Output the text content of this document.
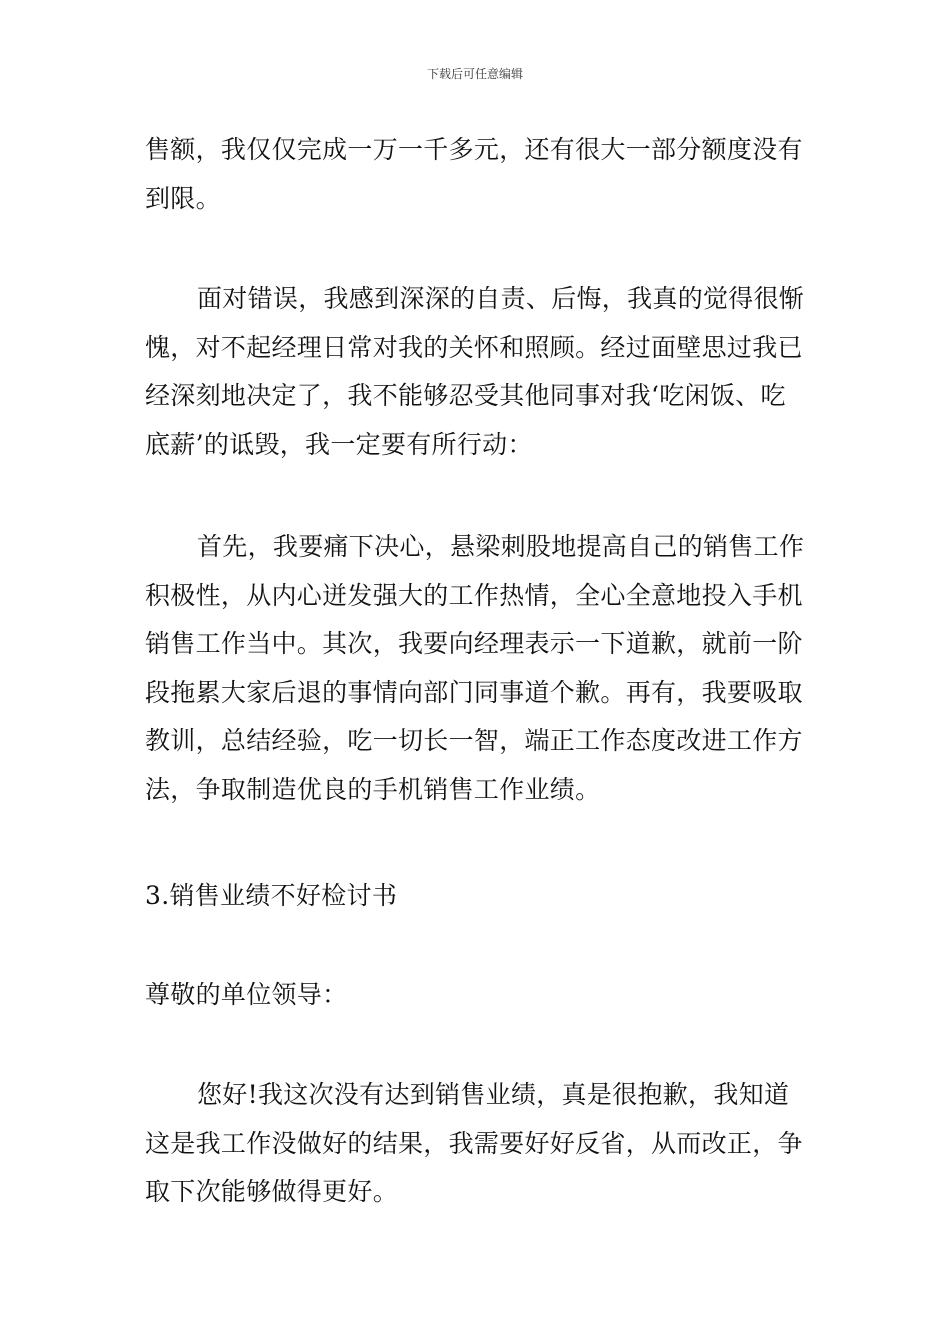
下载后可任意编辑

售额，我仅仅完成一万一千多元，还有很大一部分额度没有到限。

面对错误，我感到深深的自责、后悔，我真的觉得很惭愧，对不起经理日常对我的关怀和照顾。经过面壁思过我已经深刻地决定了，我不能够忍受其他同事对我‘吃闲饭、吃底薪’的诋毁，我一定要有所行动：

首先，我要痛下决心，悬梁刺股地提高自己的销售工作积极性，从内心迸发强大的工作热情，全心全意地投入手机销售工作当中。其次，我要向经理表示一下道歉，就前一阶段拖累大家后退的事情向部门同事道个歉。再有，我要吸取教训，总结经验，吃一切长一智，端正工作态度改进工作方法，争取制造优良的手机销售工作业绩。

3.销售业绩不好检讨书

尊敬的单位领导：

您好!我这次没有达到销售业绩，真是很抱歉，我知道这是我工作没做好的结果，我需要好好反省，从而改正，争取下次能够做得更好。
